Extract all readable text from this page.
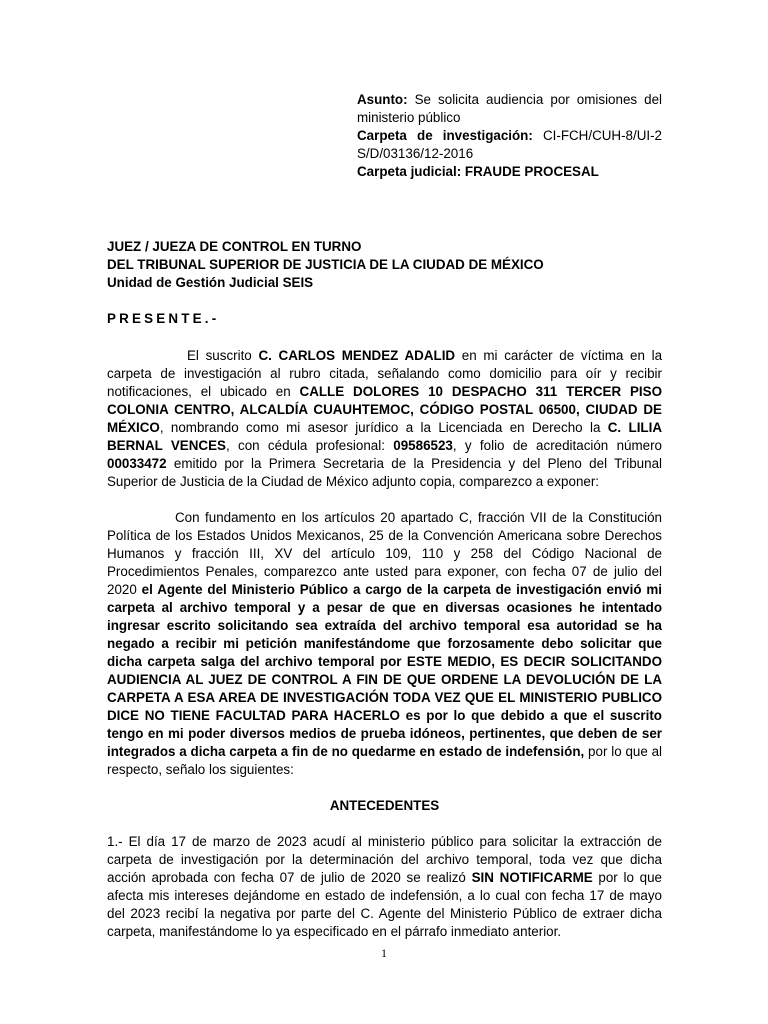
Asunto: Se solicita audiencia por omisiones del ministerio público

Carpeta de investigación: CI-FCH/CUH-8/UI-2 S/D/03136/12-2016

Carpeta judicial: FRAUDE PROCESAL

JUEZ / JUEZA DE CONTROL EN TURNO
DEL TRIBUNAL SUPERIOR DE JUSTICIA DE LA CIUDAD DE MÉXICO
Unidad de Gestión Judicial SEIS
PRESENTE.-

El suscrito C. CARLOS MENDEZ ADALID en mi carácter de víctima en la carpeta de investigación al rubro citada, señalando como domicilio para oír y recibir notificaciones, el ubicado en CALLE DOLORES 10 DESPACHO 311 TERCER PISO COLONIA CENTRO, ALCALDÍA CUAUHTEMOC, CÓDIGO POSTAL 06500, CIUDAD DE MÉXICO, nombrando como mi asesor jurídico a la Licenciada en Derecho la C. LILIA BERNAL VENCES, con cédula profesional: 09586523, y folio de acreditación número 00033472 emitido por la Primera Secretaria de la Presidencia y del Pleno del Tribunal Superior de Justicia de la Ciudad de México adjunto copia, comparezco a exponer:

Con fundamento en los artículos 20 apartado C, fracción VII de la Constitución Política de los Estados Unidos Mexicanos, 25 de la Convención Americana sobre Derechos Humanos y fracción III, XV del artículo 109, 110 y 258 del Código Nacional de Procedimientos Penales, comparezco ante usted para exponer, con fecha 07 de julio del 2020 el Agente del Ministerio Público a cargo de la carpeta de investigación envió mi carpeta al archivo temporal y a pesar de que en diversas ocasiones he intentado ingresar escrito solicitando sea extraída del archivo temporal esa autoridad se ha negado a recibir mi petición manifestándome que forzosamente debo solicitar que dicha carpeta salga del archivo temporal por ESTE MEDIO, ES DECIR SOLICITANDO AUDIENCIA AL JUEZ DE CONTROL A FIN DE QUE ORDENE LA DEVOLUCIÓN DE LA CARPETA A ESA AREA DE INVESTIGACIÓN TODA VEZ QUE EL MINISTERIO PUBLICO DICE NO TIENE FACULTAD PARA HACERLO es por lo que debido a que el suscrito tengo en mi poder diversos medios de prueba idóneos, pertinentes, que deben de ser integrados a dicha carpeta a fin de no quedarme en estado de indefensión, por lo que al respecto, señalo los siguientes:

ANTECEDENTES

1.- El día 17 de marzo de 2023 acudí al ministerio público para solicitar la extracción de carpeta de investigación por la determinación del archivo temporal, toda vez que dicha acción aprobada con fecha 07 de julio de 2020 se realizó SIN NOTIFICARME por lo que afecta mis intereses dejándome en estado de indefensión, a lo cual con fecha 17 de mayo del 2023 recibí la negativa por parte del C. Agente del Ministerio Público de extraer dicha carpeta, manifestándome lo ya especificado en el párrafo inmediato anterior.

1
